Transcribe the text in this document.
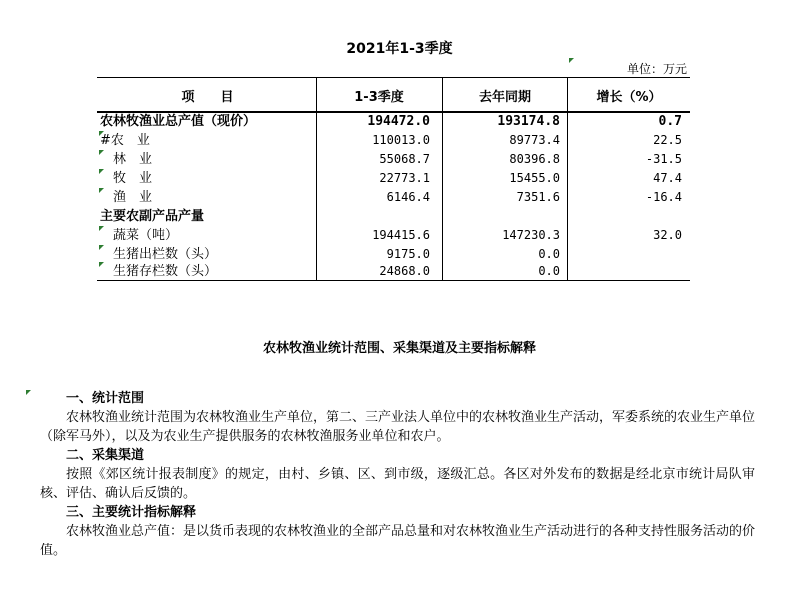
2021年1-3季度
单位：万元
项　　目	1-3季度	去年同期	增长（%）
农林牧渔业总产值（现价）	194472.0	193174.8	0.7
#农　业	110013.0	89773.4	22.5
　林　业	55068.7	80396.8	-31.5
　牧　业	22773.1	15455.0	47.4
　渔　业	6146.4	7351.6	-16.4
主要农副产品产量
　蔬菜（吨）	194415.6	147230.3	32.0
　生猪出栏数（头）	9175.0	0.0
　生猪存栏数（头）	24868.0	0.0
农林牧渔业统计范围、采集渠道及主要指标解释
一、统计范围
农林牧渔业统计范围为农林牧渔业生产单位，第二、三产业法人单位中的农林牧渔业生产活动，军委系统的农业生产单位（除军马外），以及为农业生产提供服务的农林牧渔服务业单位和农户。
二、采集渠道
按照《郊区统计报表制度》的规定，由村、乡镇、区、到市级，逐级汇总。各区对外发布的数据是经北京市统计局队审核、评估、确认后反馈的。
三、主要统计指标解释
农林牧渔业总产值：是以货币表现的农林牧渔业的全部产品总量和对农林牧渔业生产活动进行的各种支持性服务活动的价值。
